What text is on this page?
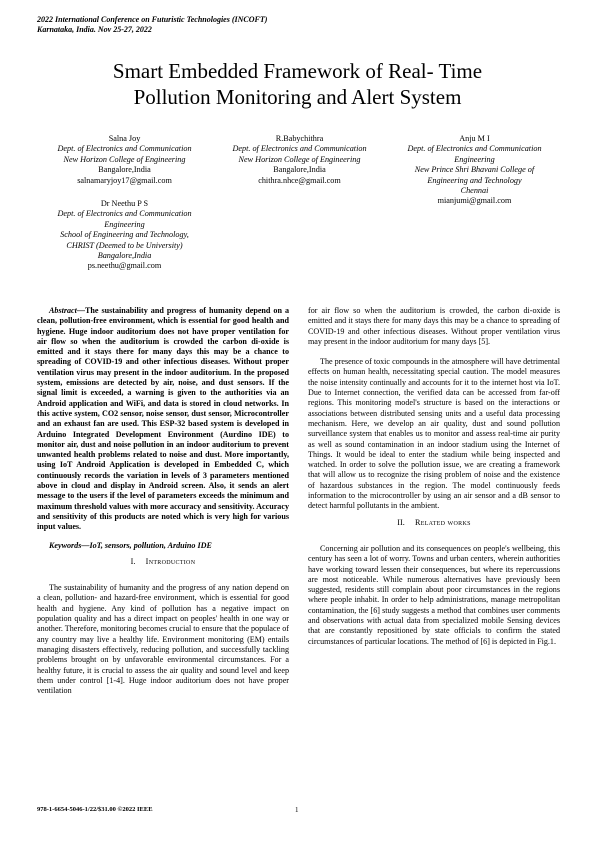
2022 International Conference on Futuristic Technologies (INCOFT)
Karnataka, India. Nov 25-27, 2022
Smart Embedded Framework of Real- Time
Pollution Monitoring and Alert System
Salna Joy
Dept. of Electronics and Communication
New Horizon College of Engineering
Bangalore,India
salnamaryjoy17@gmail.com
R.Babychithra
Dept. of Electronics and Communication
New Horizon College of Engineering
Bangalore,India
chithra.nhce@gmail.com
Anju M I
Dept. of Electronics and Communication
Engineering
New Prince Shri Bhavani College of
Engineering and Technology
Chennai
mianjumi@gmail.com
Dr Neethu P S
Dept. of Electronics and Communication
Engineering
School of Engineering and Technology,
CHRIST (Deemed to be University)
Bangalore,India
ps.neethu@gmail.com

Abstract—The sustainability and progress of humanity depend on a clean, pollution-free environment, which is essential for good health and hygiene. Huge indoor auditorium does not have proper ventilation for air flow so when the auditorium is crowded the carbon di-oxide is emitted and it stays there for many days this may be a chance to spreading of COVID-19 and other infectious diseases. Without proper ventilation virus may present in the indoor auditorium. In the proposed system, emissions are detected by air, noise, and dust sensors. If the signal limit is exceeded, a warning is given to the authorities via an Android application and WiFi, and data is stored in cloud networks. In this active system, CO2 sensor, noise sensor, dust sensor, Microcontroller and an exhaust fan are used. This ESP-32 based system is developed in Arduino Integrated Development Environment (Aurdino IDE) to monitor air, dust and noise pollution in an indoor auditorium to prevent unwanted health problems related to noise and dust. More importantly, using IoT Android Application is developed in Embedded C, which continuously records the variation in levels of 3 parameters mentioned above in cloud and display in Android screen. Also, it sends an alert message to the users if the level of parameters exceeds the minimum and maximum threshold values with more accuracy and sensitivity. Accuracy and sensitivity of this products are noted which is very high for various input values.

Keywords—IoT, sensors, pollution, Arduino IDE

I. Introduction

The sustainability of humanity and the progress of any nation depend on a clean, pollution- and hazard-free environment, which is essential for good health and hygiene. Any kind of pollution has a negative impact on population quality and has a direct impact on peoples' health in one way or another. Therefore, monitoring becomes crucial to ensure that the populace of any country may live a healthy life. Environment monitoring (EM) entails managing disasters effectively, reducing pollution, and successfully tackling problems brought on by unfavorable environmental circumstances. For a healthy future, it is crucial to assess the air quality and sound level and keep them under control [1-4]. Huge indoor auditorium does not have proper ventilation

for air flow so when the auditorium is crowded, the carbon di-oxide is emitted and it stays there for many days this may be a chance to spreading of COVID-19 and other infectious diseases. Without proper ventilation virus may present in the indoor auditorium for many days [5].

The presence of toxic compounds in the atmosphere will have detrimental effects on human health, necessitating special caution. The model measures the noise intensity continually and accounts for it to the internet host via IoT. Due to Internet connection, the verified data can be accessed from far-off regions. This monitoring model's structure is based on the interactions or associations between distributed sensing units and a useful data processing mechanism. Here, we develop an air quality, dust and sound pollution surveillance system that enables us to monitor and assess real-time air purity as well as sound contamination in an indoor stadium using the Internet of Things. It would be ideal to enter the stadium while being inspected and watched. In order to solve the pollution issue, we are creating a framework that will allow us to recognize the rising problem of noise and the existence of hazardous substances in the region. The model continuously feeds information to the microcontroller by using an air sensor and a dB sensor to detect harmful pollutants in the ambient.

II. Related works

Concerning air pollution and its consequences on people's wellbeing, this century has seen a lot of worry. Towns and urban centers, wherein authorities have working toward lessen their consequences, but where its repercussions are most noticeable. While numerous alternatives have previously been suggested, residents still complain about poor circumstances in the regions where people inhabit. In order to help administrations, manage metropolitan contamination, the [6] study suggests a method that combines user comments and observations with actual data from specialized mobile Sensing devices that are constantly repositioned by state officials to confirm the stated circumstances of particular locations. The method of [6] is depicted in Fig.1.

978-1-6654-5046-1/22/$31.00 ©2022 IEEE	1
